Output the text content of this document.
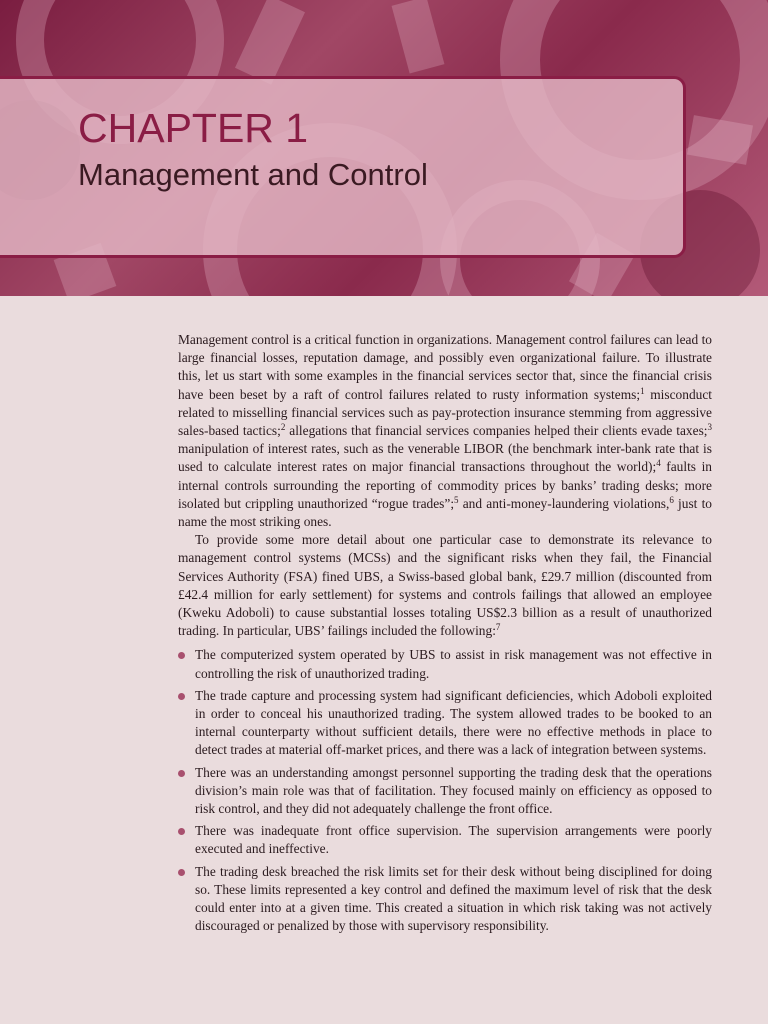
CHAPTER 1
Management and Control

Management control is a critical function in organizations. Management control failures can lead to large financial losses, reputation damage, and possibly even organizational failure. To illustrate this, let us start with some examples in the financial services sector that, since the financial crisis have been beset by a raft of control failures related to rusty information systems;$^1$ misconduct related to misselling financial services such as pay-protection insurance stemming from aggressive sales-based tactics;$^2$ allegations that financial services companies helped their clients evade taxes;$^3$ manipulation of interest rates, such as the venerable LIBOR (the benchmark inter-bank rate that is used to calculate interest rates on major financial transactions throughout the world);$^4$ faults in internal controls surrounding the reporting of commodity prices by banks’ trading desks; more isolated but crippling unauthorized “rogue trades”;$^5$ and anti-money-laundering violations,$^6$ just to name the most striking ones.

To provide some more detail about one particular case to demonstrate its relevance to management control systems (MCSs) and the significant risks when they fail, the Financial Services Authority (FSA) fined UBS, a Swiss-based global bank, £29.7 million (discounted from £42.4 million for early settlement) for systems and controls failings that allowed an employee (Kweku Adoboli) to cause substantial losses totaling US$2.3 billion as a result of unauthorized trading. In particular, UBS’ failings included the following:$^7$

The computerized system operated by UBS to assist in risk management was not effective in controlling the risk of unauthorized trading.
The trade capture and processing system had significant deficiencies, which Adoboli exploited in order to conceal his unauthorized trading. The system allowed trades to be booked to an internal counterparty without sufficient details, there were no effective methods in place to detect trades at material off-market prices, and there was a lack of integration between systems.
There was an understanding amongst personnel supporting the trading desk that the operations division’s main role was that of facilitation. They focused mainly on efficiency as opposed to risk control, and they did not adequately challenge the front office.
There was inadequate front office supervision. The supervision arrangements were poorly executed and ineffective.
The trading desk breached the risk limits set for their desk without being disciplined for doing so. These limits represented a key control and defined the maximum level of risk that the desk could enter into at a given time. This created a situation in which risk taking was not actively discouraged or penalized by those with supervisory responsibility.
